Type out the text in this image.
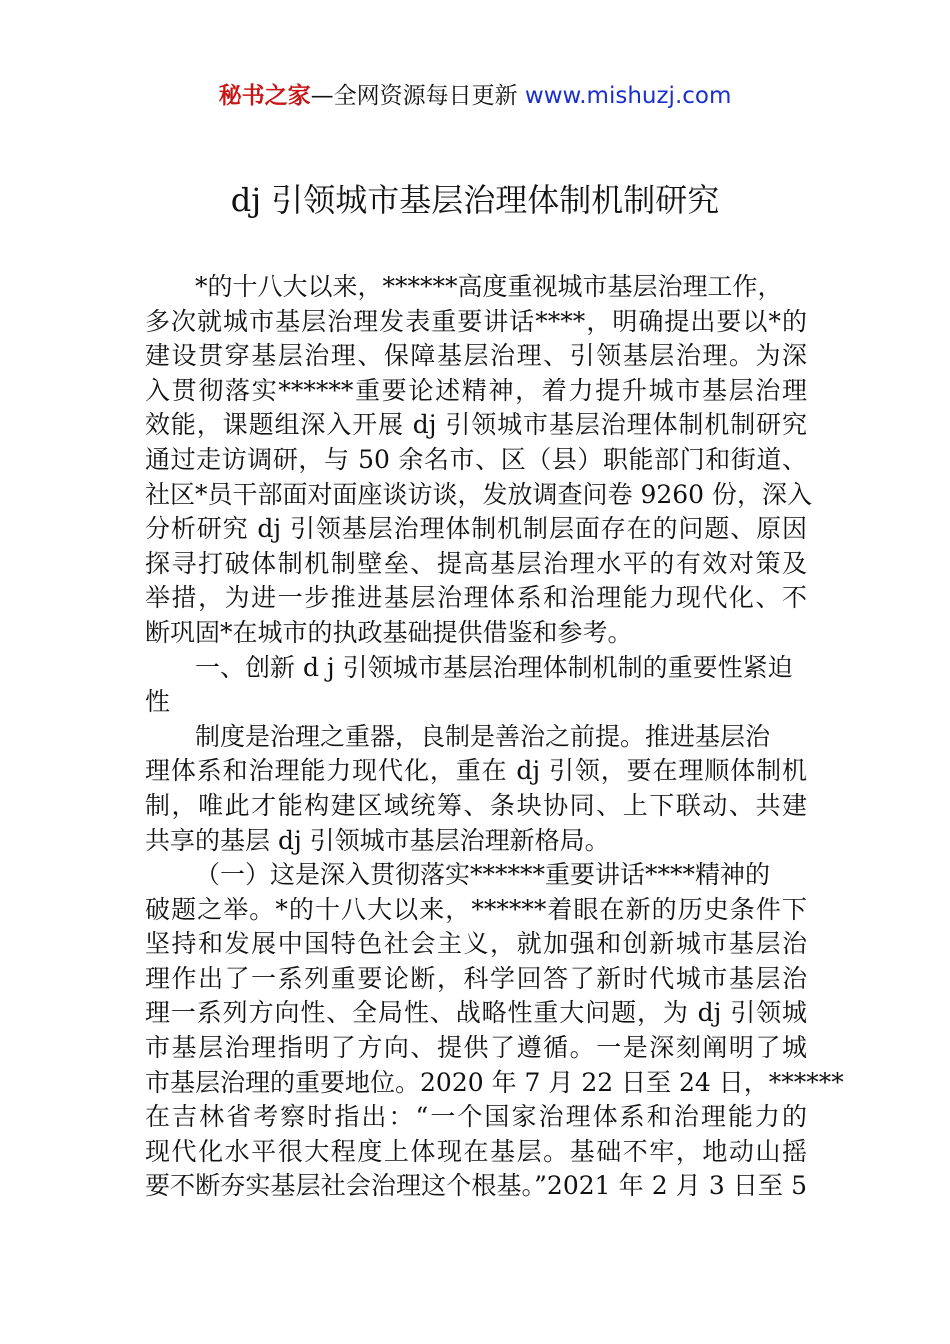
秘书之家—全网资源每日更新 www.mishuzj.com
dj 引领城市基层治理体制机制研究
*的十八大以来，******高度重视城市基层治理工作，
多次就城市基层治理发表重要讲话****，明确提出要以*的
建设贯穿基层治理、保障基层治理、引领基层治理。为深
入贯彻落实******重要论述精神，着力提升城市基层治理
效能，课题组深入开展 dj 引领城市基层治理体制机制研究
通过走访调研，与 50 余名市、区（县）职能部门和街道、
社区*员干部面对面座谈访谈，发放调查问卷 9260 份，深入
分析研究 dj 引领基层治理体制机制层面存在的问题、原因
探寻打破体制机制壁垒、提高基层治理水平的有效对策及
举措，为进一步推进基层治理体系和治理能力现代化、不
断巩固*在城市的执政基础提供借鉴和参考。
一、创新 d j 引领城市基层治理体制机制的重要性紧迫
性
制度是治理之重器，良制是善治之前提。推进基层治
理体系和治理能力现代化，重在 dj 引领，要在理顺体制机
制，唯此才能构建区域统筹、条块协同、上下联动、共建
共享的基层 dj 引领城市基层治理新格局。
（一）这是深入贯彻落实******重要讲话****精神的
破题之举。*的十八大以来，******着眼在新的历史条件下
坚持和发展中国特色社会主义，就加强和创新城市基层治
理作出了一系列重要论断，科学回答了新时代城市基层治
理一系列方向性、全局性、战略性重大问题，为 dj 引领城
市基层治理指明了方向、提供了遵循。一是深刻阐明了城
市基层治理的重要地位。2020 年 7 月 22 日至 24 日，******
在吉林省考察时指出：“一个国家治理体系和治理能力的
现代化水平很大程度上体现在基层。基础不牢，地动山摇
要不断夯实基层社会治理这个根基。”2021 年 2 月 3 日至 5
